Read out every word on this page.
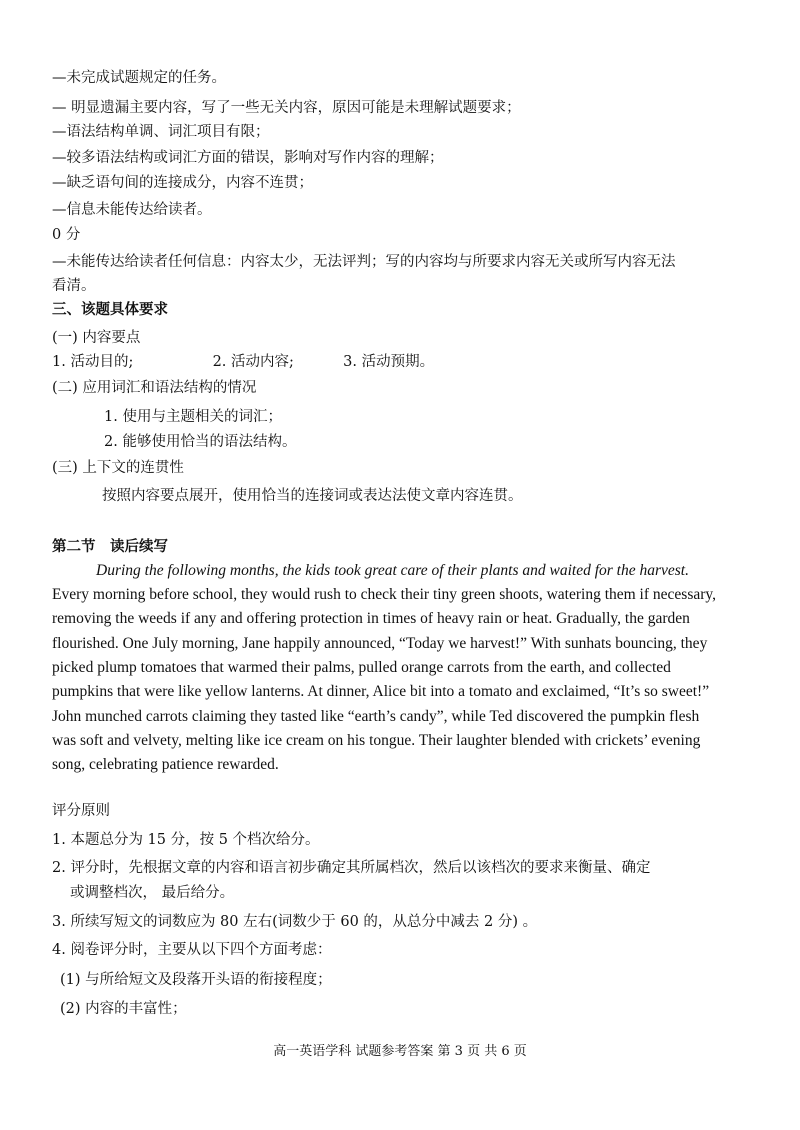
—未完成试题规定的任务。
— 明显遗漏主要内容，写了一些无关内容，原因可能是未理解试题要求；
—语法结构单调、词汇项目有限；
—较多语法结构或词汇方面的错误，影响对写作内容的理解；
—缺乏语句间的连接成分，内容不连贯；
—信息未能传达给读者。
0 分
—未能传达给读者任何信息：内容太少，无法评判；写的内容均与所要求内容无关或所写内容无法
看清。
三、该题具体要求
(一) 内容要点
1. 活动目的;	2. 活动内容;	3. 活动预期。
(二) 应用词汇和语法结构的情况
1. 使用与主题相关的词汇；
2. 能够使用恰当的语法结构。
(三) 上下文的连贯性
按照内容要点展开，使用恰当的连接词或表达法使文章内容连贯。
第二节　读后续写
During the following months, the kids took great care of their plants and waited for the harvest.
Every morning before school, they would rush to check their tiny green shoots, watering them if necessary,
removing the weeds if any and offering protection in times of heavy rain or heat. Gradually, the garden
flourished. One July morning, Jane happily announced, “Today we harvest!” With sunhats bouncing, they
picked plump tomatoes that warmed their palms, pulled orange carrots from the earth, and collected
pumpkins that were like yellow lanterns. At dinner, Alice bit into a tomato and exclaimed, “It’s so sweet!”
John munched carrots claiming they tasted like “earth’s candy”, while Ted discovered the pumpkin flesh
was soft and velvety, melting like ice cream on his tongue. Their laughter blended with crickets’ evening
song, celebrating patience rewarded.
评分原则
1. 本题总分为 15 分，按 5 个档次给分。
2. 评分时，先根据文章的内容和语言初步确定其所属档次，然后以该档次的要求来衡量、确定
或调整档次， 最后给分。
3. 所续写短文的词数应为 80 左右(词数少于 60 的，从总分中减去 2 分) 。
4. 阅卷评分时，主要从以下四个方面考虑：
(1) 与所给短文及段落开头语的衔接程度；
(2) 内容的丰富性；
高一英语学科 试题参考答案 第 3 页 共 6 页
